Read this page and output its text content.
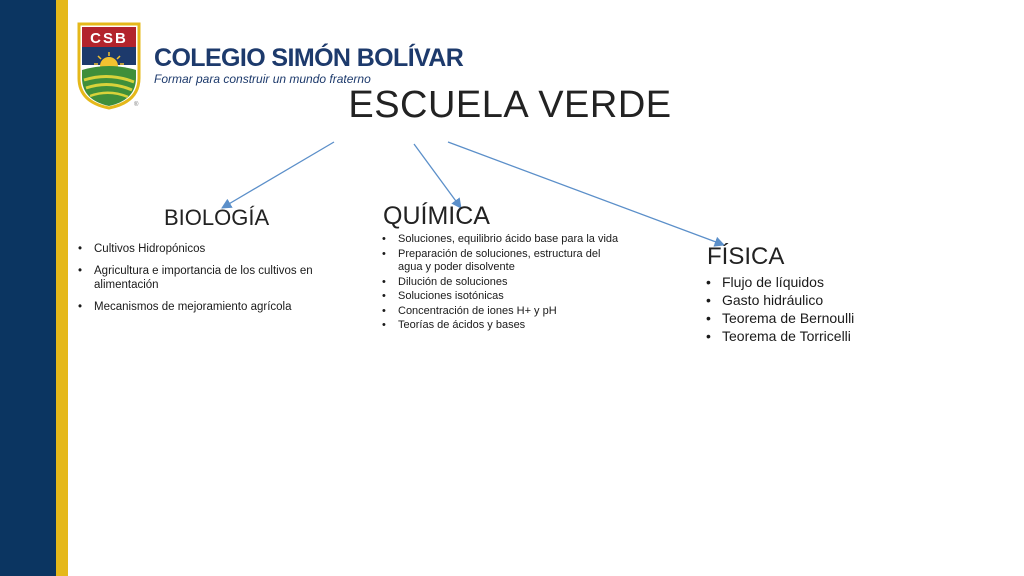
CSB
®
COLEGIO SIMÓN BOLÍVAR
Formar para construir un mundo fraterno
ESCUELA VERDE
BIOLOGÍA
• Cultivos Hidropónicos
• Agricultura e importancia de los cultivos en alimentación
• Mecanismos de mejoramiento agrícola
QUÍMICA
• Soluciones, equilibrio ácido base para la vida
• Preparación de soluciones, estructura del agua y poder disolvente
• Dilución de soluciones
• Soluciones isotónicas
• Concentración de iones H+ y pH
• Teorías de ácidos y bases
FÍSICA
• Flujo de líquidos
• Gasto hidráulico
• Teorema de Bernoulli
• Teorema de Torricelli
